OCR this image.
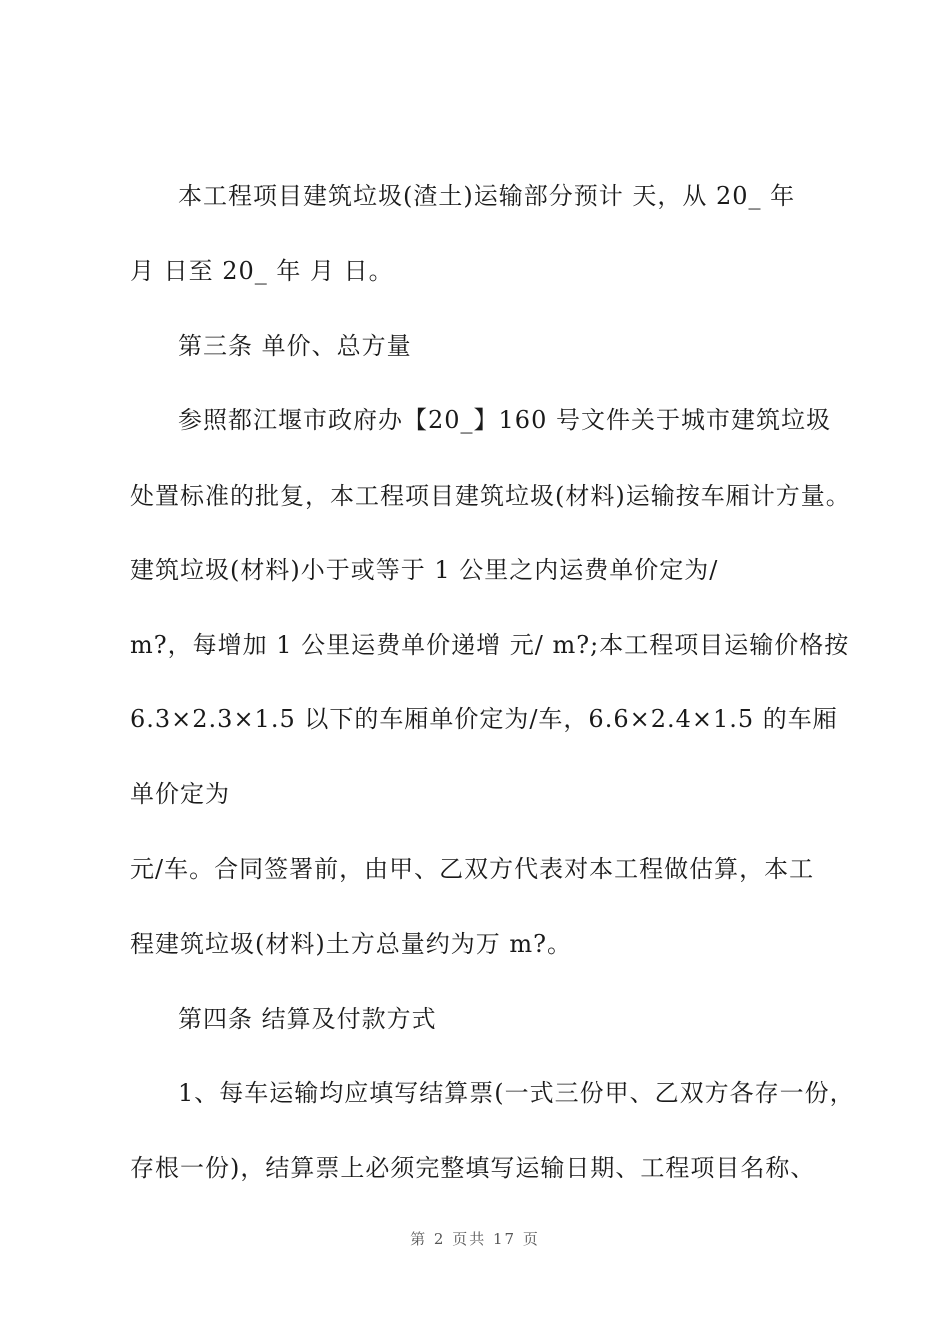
本工程项目建筑垃圾(渣土)运输部分预计 天，从 20_ 年
月 日至 20_ 年 月 日。
第三条 单价、总方量
参照都江堰市政府办【20_】160 号文件关于城市建筑垃圾
处置标准的批复，本工程项目建筑垃圾(材料)运输按车厢计方量。
建筑垃圾(材料)小于或等于 1 公里之内运费单价定为/
m?，每增加 1 公里运费单价递增 元/ m?;本工程项目运输价格按
6.3×2.3×1.5 以下的车厢单价定为/车，6.6×2.4×1.5 的车厢
单价定为
元/车。合同签署前，由甲、乙双方代表对本工程做估算，本工
程建筑垃圾(材料)土方总量约为万 m?。
第四条 结算及付款方式
1、每车运输均应填写结算票(一式三份甲、乙双方各存一份，
存根一份)，结算票上必须完整填写运输日期、工程项目名称、
第 2 页共 17 页
